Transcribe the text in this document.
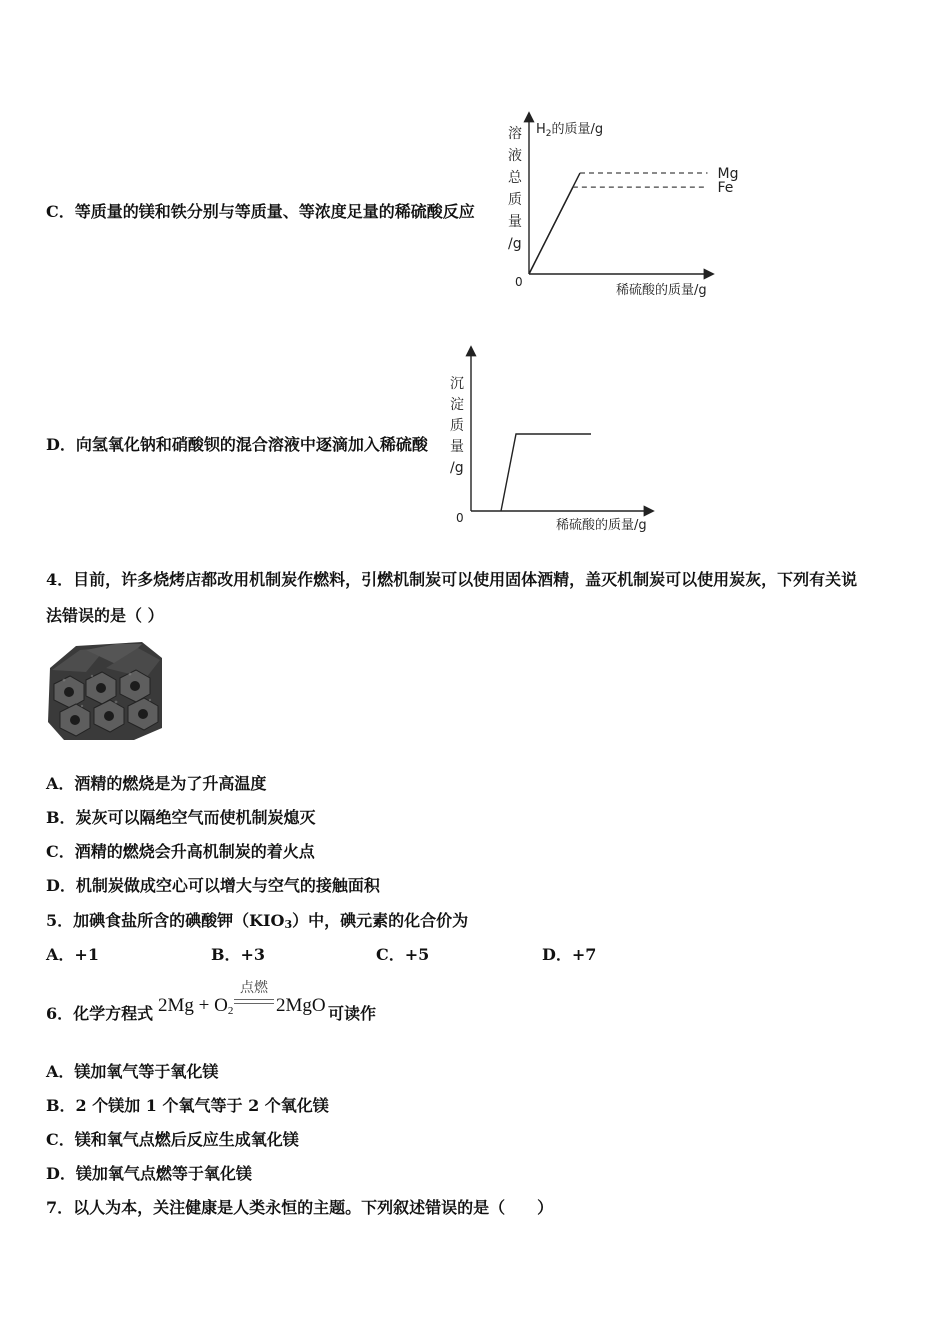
C．等质量的镁和铁分别与等质量、等浓度足量的稀硫酸反应
$H_2$的质量/g
溶
液
总
质
量
/g
0
稀硫酸的质量/g
Mg
Fe
D．向氢氧化钠和硝酸钡的混合溶液中逐滴加入稀硫酸
沉
淀
质
量
/g
0	稀硫酸的质量/g
4．目前，许多烧烤店都改用机制炭作燃料，引燃机制炭可以使用固体酒精，盖灭机制炭可以使用炭灰，下列有关说
法错误的是（ ）
A．酒精的燃烧是为了升高温度
B．炭灰可以隔绝空气而使机制炭熄灭
C．酒精的燃烧会升高机制炭的着火点
D．机制炭做成空心可以增大与空气的接触面积
5．加碘食盐所含的碘酸钾（KIO3）中，碘元素的化合价为
A．+1	B．+3	C．+5	D．+7
6．化学方程式 $2Mg + O_2$
点燃
2MgO 可读作
A．镁加氧气等于氧化镁
B．2 个镁加 1 个氧气等于 2 个氧化镁
C．镁和氧气点燃后反应生成氧化镁
D．镁加氧气点燃等于氧化镁
7．以人为本，关注健康是人类永恒的主题。下列叙述错误的是（　　）
